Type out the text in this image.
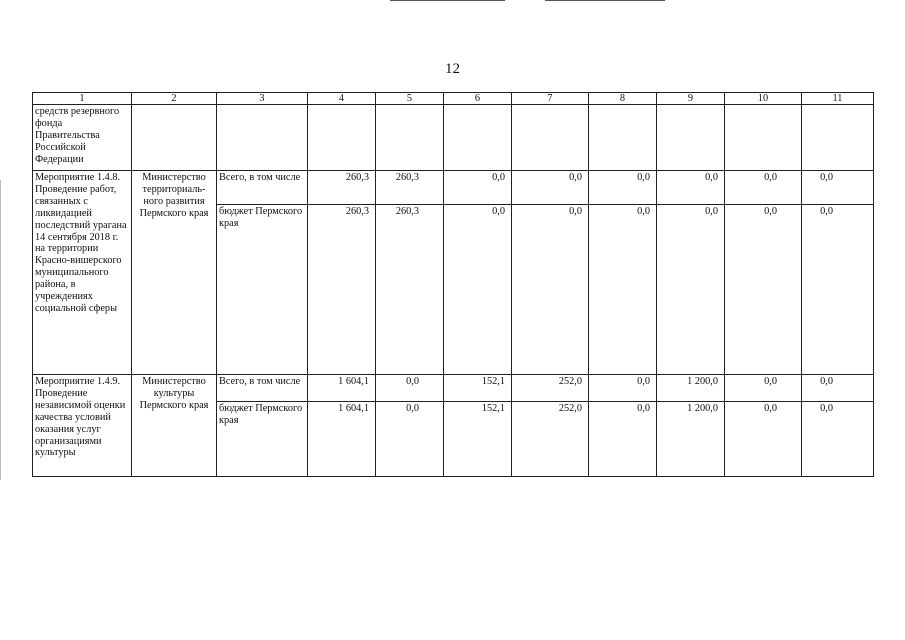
12
1	2	3	4	5	6	7	8	9	10	11
средств резервного фонда Правительства Российской Федерации										
Мероприятие 1.4.8. Проведение работ, связанных с ликвидацией последствий урагана 14 сентября 2018 г. на территории Красно-вишерского муниципального района, в учреждениях социальной сферы	Министерство территориаль-ного развития Пермского края	Всего, в том числе	260,3	260,3	0,0	0,0	0,0	0,0	0,0	0,0
		бюджет Пермского края	260,3	260,3	0,0	0,0	0,0	0,0	0,0	0,0
Мероприятие 1.4.9. Проведение независимой оценки качества условий оказания услуг организациями культуры	Министерство культуры Пермского края	Всего, в том числе	1 604,1	0,0	152,1	252,0	0,0	1 200,0	0,0	0,0
		бюджет Пермского края	1 604,1	0,0	152,1	252,0	0,0	1 200,0	0,0	0,0
